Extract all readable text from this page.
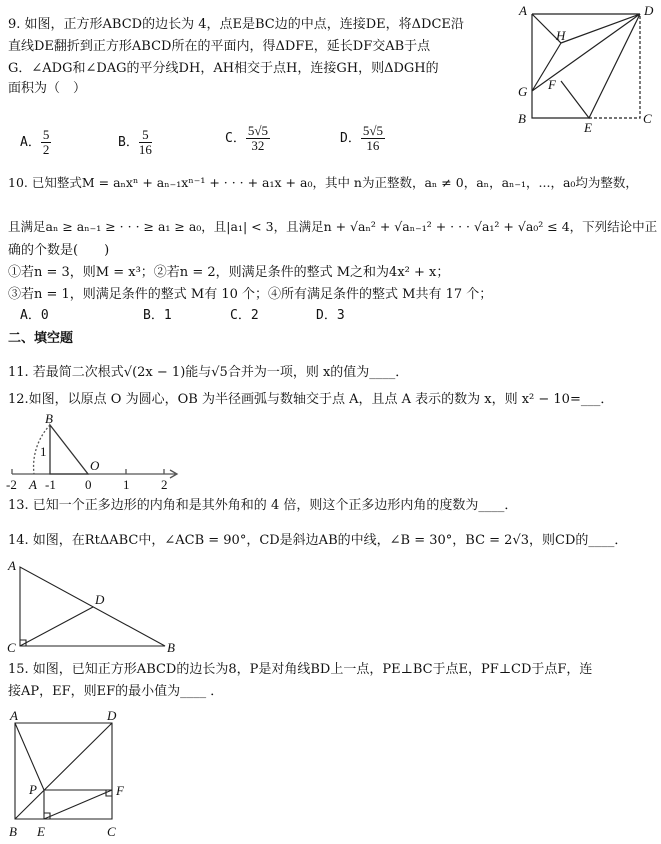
9. 如图，正方形ABCD的边长为 4，点E是BC边的中点，连接DE，将ΔDCE沿
直线DE翻折到正方形ABCD所在的平面内，得ΔDFE，延长DF交AB于点
G．∠ADG和∠DAG的平分线DH，AH相交于点H，连接GH，则ΔDGH的
面积为（　）
A． $\frac{5}{2}$	B． $\frac{5}{16}$	C． $\frac{5√5}{32}$	D． $\frac{5√5}{16}$
A	D
H
G F
B
E
C
B
1
O
A
-2 -1 0 1 2
A
D
C	B
A	D
P	F
B E	C
10. 已知整式M = aₙxⁿ + aₙ₋₁xⁿ⁻¹ + · · · + a₁x + a₀，其中 n为正整数，aₙ ≠ 0，aₙ，aₙ₋₁，...，a₀均为整数，
且满足aₙ ≥ aₙ₋₁ ≥ · · · ≥ a₁ ≥ a₀，且|a₁| < 3，且满足n + √aₙ² + √aₙ₋₁² + · · · √a₁² + √a₀² ≤ 4，下列结论中正
确的个数是(　　)
①若n = 3，则M = x³；②若n = 2，则满足条件的整式 M之和为4x² + x；
③若n = 1，则满足条件的整式 M有 10 个；④所有满足条件的整式 M共有 17 个；
A．0	B．1	C．2	D．3
二、填空题
11. 若最简二次根式√(2x − 1)能与√5合并为一项，则 x的值为____．
12.如图，以原点 O 为圆心，OB 为半径画弧与数轴交于点 A，且点 A 表示的数为 x，则 x² − 10=___．
13. 已知一个正多边形的内角和是其外角和的 4 倍，则这个正多边形内角的度数为____．
14. 如图，在RtΔABC中，∠ACB = 90°，CD是斜边AB的中线，∠B = 30°，BC = 2√3，则CD的____．
15. 如图，已知正方形ABCD的边长为8，P是对角线BD上一点，PE⊥BC于点E，PF⊥CD于点F，连
接AP，EF，则EF的最小值为____ ．
